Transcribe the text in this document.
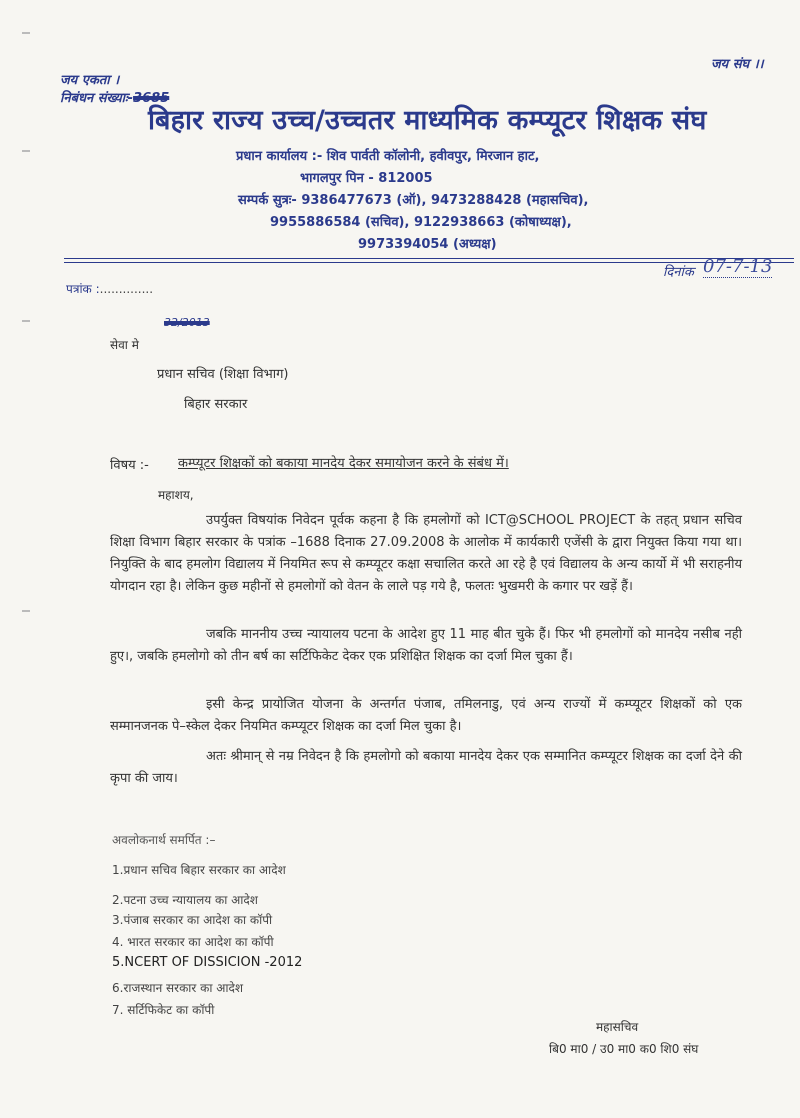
जय एकता ।
निबंधन संख्याः-3685
जय संघ ।।
बिहार राज्य उच्च/उच्चतर माध्यमिक कम्प्यूटर शिक्षक संघ
प्रधान कार्यालय :- शिव पार्वती कॉलोनी, हवीवपुर, मिरजान हाट,
भागलपुर पिन - 812005
सम्पर्क सुत्रः- 9386477673 (ऑ), 9473288428 (महासचिव),
9955886584 (सचिव), 9122938663 (कोषाध्यक्ष),
9973394054 (अध्यक्ष)
दिनांक 07-7-13
पत्रांक :..............
32/2013
सेवा मे
प्रधान सचिव (शिक्षा विभाग)
बिहार सरकार
विषय :- कम्प्यूटर शिक्षकों को बकाया मानदेय देकर समायोजन करने के संबंध में।
महाशय,
उपर्युक्त विषयांक निवेदन पूर्वक कहना है कि हमलोगों को ICT@SCHOOL PROJECT के तहत् प्रधान सचिव शिक्षा विभाग बिहार सरकार के पत्रांक –1688 दिनाक 27.09.2008 के आलोक में कार्यकारी एजेंसी के द्वारा नियुक्त किया गया था। नियुक्ति के बाद हमलोग विद्यालय में नियमित रूप से कम्प्यूटर कक्षा सचालित करते आ रहे है एवं विद्यालय के अन्य कार्यो में भी सराहनीय योगदान रहा है। लेकिन कुछ महीनों से हमलोगों को वेतन के लाले पड़ गये है, फलतः भुखमरी के कगार पर खड़ें हैं।
जबकि माननीय उच्च न्यायालय पटना के आदेश हुए 11 माह बीत चुके हैं। फिर भी हमलोगों को मानदेय नसीब नही हुए।, जबकि हमलोगो को तीन बर्ष का सर्टिफिकेट देकर एक प्रशिक्षित शिक्षक का दर्जा मिल चुका हैं।
इसी केन्द्र प्रायोजित योजना के अन्तर्गत पंजाब, तमिलनाडु, एवं अन्य राज्यों में कम्प्यूटर शिक्षकों को एक सम्मानजनक पे–स्केल देकर नियमित कम्प्यूटर शिक्षक का दर्जा मिल चुका है।
अतः श्रीमान् से नम्र निवेदन है कि हमलोगो को बकाया मानदेय देकर एक सम्मानित कम्प्यूटर शिक्षक का दर्जा देने की कृपा की जाय।
अवलोकनार्थ समर्पित :–
1.प्रधान सचिव बिहार सरकार का आदेश
2.पटना उच्च न्यायालय का आदेश
3.पंजाब सरकार का आदेश का कॉपी
4. भारत सरकार का आदेश का कॉपी
5.NCERT OF DISSICION -2012
6.राजस्थान सरकार का आदेश
7. सर्टिफिकेट का कॉपी
महासचिव
बि0 मा0 / उ0 मा0 क0 शि0 संघ
